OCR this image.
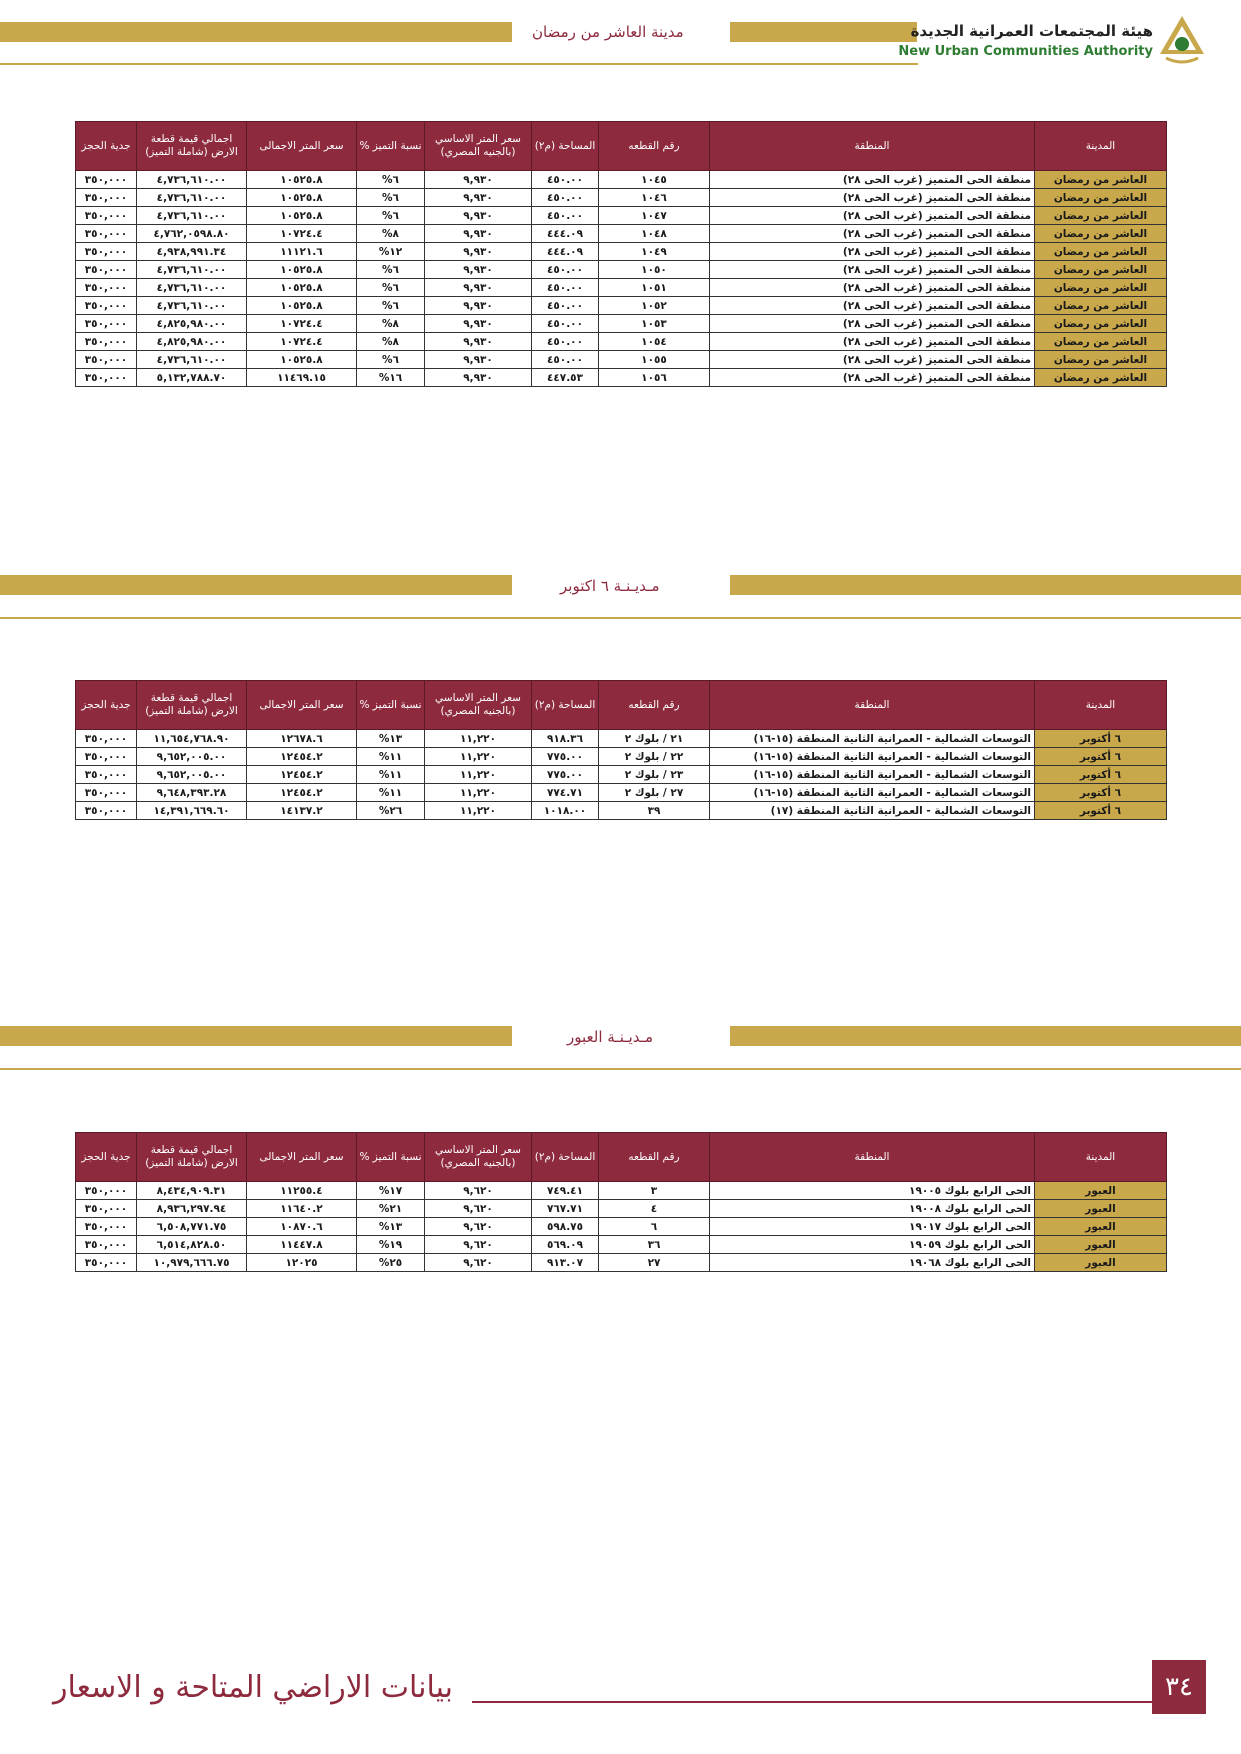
مدينة العاشر من رمضان	هيئة المجتمعات العمرانية الجديدة
New Urban Communities Authority
المدينة	المنطقة	رقم القطعه	المساحة (م٢)	سعر المتر الاساسي (بالجنيه المصري)	نسبة التميز %	سعر المتر الاجمالى	اجمالي قيمة قطعة الارض (شاملة التميز)	جدية الحجز
العاشر من رمضان	منطقة الحى المتميز (غرب الحى ٢٨)	١٠٤٥	٤٥٠.٠٠	٩,٩٣٠	٦%	١٠٥٢٥.٨	٤,٧٣٦,٦١٠.٠٠	٣٥٠,٠٠٠
العاشر من رمضان	منطقة الحى المتميز (غرب الحى ٢٨)	١٠٤٦	٤٥٠.٠٠	٩,٩٣٠	٦%	١٠٥٢٥.٨	٤,٧٣٦,٦١٠.٠٠	٣٥٠,٠٠٠
العاشر من رمضان	منطقة الحى المتميز (غرب الحى ٢٨)	١٠٤٧	٤٥٠.٠٠	٩,٩٣٠	٦%	١٠٥٢٥.٨	٤,٧٣٦,٦١٠.٠٠	٣٥٠,٠٠٠
العاشر من رمضان	منطقة الحى المتميز (غرب الحى ٢٨)	١٠٤٨	٤٤٤.٠٩	٩,٩٣٠	٨%	١٠٧٢٤.٤	٤,٧٦٢,٠٥٩٨.٨٠	٣٥٠,٠٠٠
العاشر من رمضان	منطقة الحى المتميز (غرب الحى ٢٨)	١٠٤٩	٤٤٤.٠٩	٩,٩٣٠	١٢%	١١١٢١.٦	٤,٩٣٨,٩٩١.٣٤	٣٥٠,٠٠٠
العاشر من رمضان	منطقة الحى المتميز (غرب الحى ٢٨)	١٠٥٠	٤٥٠.٠٠	٩,٩٣٠	٦%	١٠٥٢٥.٨	٤,٧٣٦,٦١٠.٠٠	٣٥٠,٠٠٠
العاشر من رمضان	منطقة الحى المتميز (غرب الحى ٢٨)	١٠٥١	٤٥٠.٠٠	٩,٩٣٠	٦%	١٠٥٢٥.٨	٤,٧٣٦,٦١٠.٠٠	٣٥٠,٠٠٠
العاشر من رمضان	منطقة الحى المتميز (غرب الحى ٢٨)	١٠٥٢	٤٥٠.٠٠	٩,٩٣٠	٦%	١٠٥٢٥.٨	٤,٧٣٦,٦١٠.٠٠	٣٥٠,٠٠٠
العاشر من رمضان	منطقة الحى المتميز (غرب الحى ٢٨)	١٠٥٣	٤٥٠.٠٠	٩,٩٣٠	٨%	١٠٧٢٤.٤	٤,٨٢٥,٩٨٠.٠٠	٣٥٠,٠٠٠
العاشر من رمضان	منطقة الحى المتميز (غرب الحى ٢٨)	١٠٥٤	٤٥٠.٠٠	٩,٩٣٠	٨%	١٠٧٢٤.٤	٤,٨٢٥,٩٨٠.٠٠	٣٥٠,٠٠٠
العاشر من رمضان	منطقة الحى المتميز (غرب الحى ٢٨)	١٠٥٥	٤٥٠.٠٠	٩,٩٣٠	٦%	١٠٥٢٥.٨	٤,٧٣٦,٦١٠.٠٠	٣٥٠,٠٠٠
العاشر من رمضان	منطقة الحى المتميز (غرب الحى ٢٨)	١٠٥٦	٤٤٧.٥٣	٩,٩٣٠	١٦%	١١٤٦٩.١٥	٥,١٣٢,٧٨٨.٧٠	٣٥٠,٠٠٠
مـديـنـة ٦ اكتوبر
المدينة	المنطقة	رقم القطعه	المساحة (م٢)	سعر المتر الاساسي (بالجنيه المصري)	نسبة التميز %	سعر المتر الاجمالى	اجمالي قيمة قطعة الارض (شاملة التميز)	جدية الحجز
٦ أكتوبر	التوسعات الشمالية - العمرانية الثانية المنطقة (١٥-١٦)	٢١ / بلوك ٢	٩١٨.٣٦	١١,٢٢٠	١٣%	١٢٦٧٨.٦	١١,٦٥٤,٧٦٨.٩٠	٣٥٠,٠٠٠
٦ أكتوبر	التوسعات الشمالية - العمرانية الثانية المنطقة (١٥-١٦)	٢٢ / بلوك ٢	٧٧٥.٠٠	١١,٢٢٠	١١%	١٢٤٥٤.٢	٩,٦٥٢,٠٠٥.٠٠	٣٥٠,٠٠٠
٦ أكتوبر	التوسعات الشمالية - العمرانية الثانية المنطقة (١٥-١٦)	٢٣ / بلوك ٢	٧٧٥.٠٠	١١,٢٢٠	١١%	١٢٤٥٤.٢	٩,٦٥٢,٠٠٥.٠٠	٣٥٠,٠٠٠
٦ أكتوبر	التوسعات الشمالية - العمرانية الثانية المنطقة (١٥-١٦)	٢٧ / بلوك ٢	٧٧٤.٧١	١١,٢٢٠	١١%	١٢٤٥٤.٢	٩,٦٤٨,٣٩٣.٢٨	٣٥٠,٠٠٠
٦ أكتوبر	التوسعات الشمالية - العمرانية الثانية المنطقة (١٧)	٣٩	١٠١٨.٠٠	١١,٢٢٠	٢٦%	١٤١٣٧.٢	١٤,٣٩١,٦٦٩.٦٠	٣٥٠,٠٠٠
مـديـنـة العبور
المدينة	المنطقة	رقم القطعه	المساحة (م٢)	سعر المتر الاساسي (بالجنيه المصري)	نسبة التميز %	سعر المتر الاجمالى	اجمالي قيمة قطعة الارض (شاملة التميز)	جدية الحجز
العبور	الحى الرابع بلوك ١٩٠٠٥	٣	٧٤٩.٤١	٩,٦٢٠	١٧%	١١٢٥٥.٤	٨,٤٣٤,٩٠٩.٣١	٣٥٠,٠٠٠
العبور	الحى الرابع بلوك ١٩٠٠٨	٤	٧٦٧.٧١	٩,٦٢٠	٢١%	١١٦٤٠.٢	٨,٩٣٦,٢٩٧.٩٤	٣٥٠,٠٠٠
العبور	الحى الرابع بلوك ١٩٠١٧	٦	٥٩٨.٧٥	٩,٦٢٠	١٣%	١٠٨٧٠.٦	٦,٥٠٨,٧٧١.٧٥	٣٥٠,٠٠٠
العبور	الحى الرابع بلوك ١٩٠٥٩	٣٦	٥٦٩.٠٩	٩,٦٢٠	١٩%	١١٤٤٧.٨	٦,٥١٤,٨٢٨.٥٠	٣٥٠,٠٠٠
العبور	الحى الرابع بلوك ١٩٠٦٨	٢٧	٩١٣.٠٧	٩,٦٢٠	٢٥%	١٢٠٢٥	١٠,٩٧٩,٦٦٦.٧٥	٣٥٠,٠٠٠
بيانات الاراضي المتاحة و الاسعار	٣٤
